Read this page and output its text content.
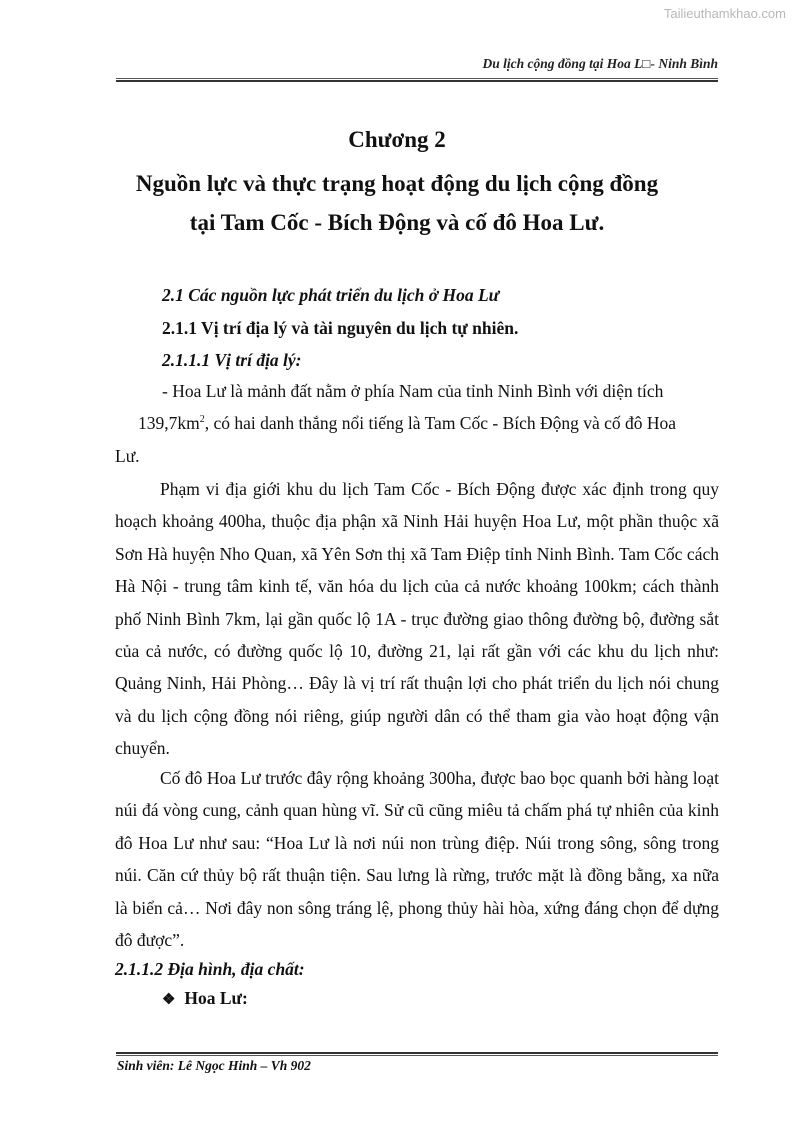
Tailieuthamkhao.com
Du lịch cộng đồng tại Hoa L□- Ninh Bình
Chương 2
Nguồn lực và thực trạng hoạt động du lịch cộng đồng
tại Tam Cốc - Bích Động và cố đô Hoa Lư.
2.1 Các nguồn lực phát triển du lịch ở Hoa Lư
2.1.1 Vị trí địa lý và tài nguyên du lịch tự nhiên.
2.1.1.1 Vị trí địa lý:
- Hoa Lư là mảnh đất nằm ở phía Nam của tỉnh Ninh Bình với diện tích
$139,7km^2$, có hai danh thắng nổi tiếng là Tam Cốc - Bích Động và cố đô Hoa
Lư.

Phạm vi địa giới khu du lịch Tam Cốc - Bích Động được xác định trong quy hoạch khoảng 400ha, thuộc địa phận xã Ninh Hải huyện Hoa Lư, một phần thuộc xã Sơn Hà huyện Nho Quan, xã Yên Sơn thị xã Tam Điệp tỉnh Ninh Bình. Tam Cốc cách Hà Nội - trung tâm kinh tế, văn hóa du lịch của cả nước khoảng 100km; cách thành phố Ninh Bình 7km, lại gần quốc lộ 1A - trục đường giao thông đường bộ, đường sắt của cả nước, có đường quốc lộ 10, đường 21, lại rất gần với các khu du lịch như: Quảng Ninh, Hải Phòng… Đây là vị trí rất thuận lợi cho phát triển du lịch nói chung và du lịch cộng đồng nói riêng, giúp người dân có thể tham gia vào hoạt động vận chuyển.

Cố đô Hoa Lư trước đây rộng khoảng 300ha, được bao bọc quanh bởi hàng loạt núi đá vòng cung, cảnh quan hùng vĩ. Sử cũ cũng miêu tả chấm phá tự nhiên của kinh đô Hoa Lư như sau: “Hoa Lư là nơi núi non trùng điệp. Núi trong sông, sông trong núi. Căn cứ thủy bộ rất thuận tiện. Sau lưng là rừng, trước mặt là đồng bằng, xa nữa là biển cả… Nơi đây non sông tráng lệ, phong thủy hài hòa, xứng đáng chọn để dựng đô được”.

2.1.1.2 Địa hình, địa chất:
❖ Hoa Lư:
Sinh viên: Lê Ngọc Hinh – Vh 902
